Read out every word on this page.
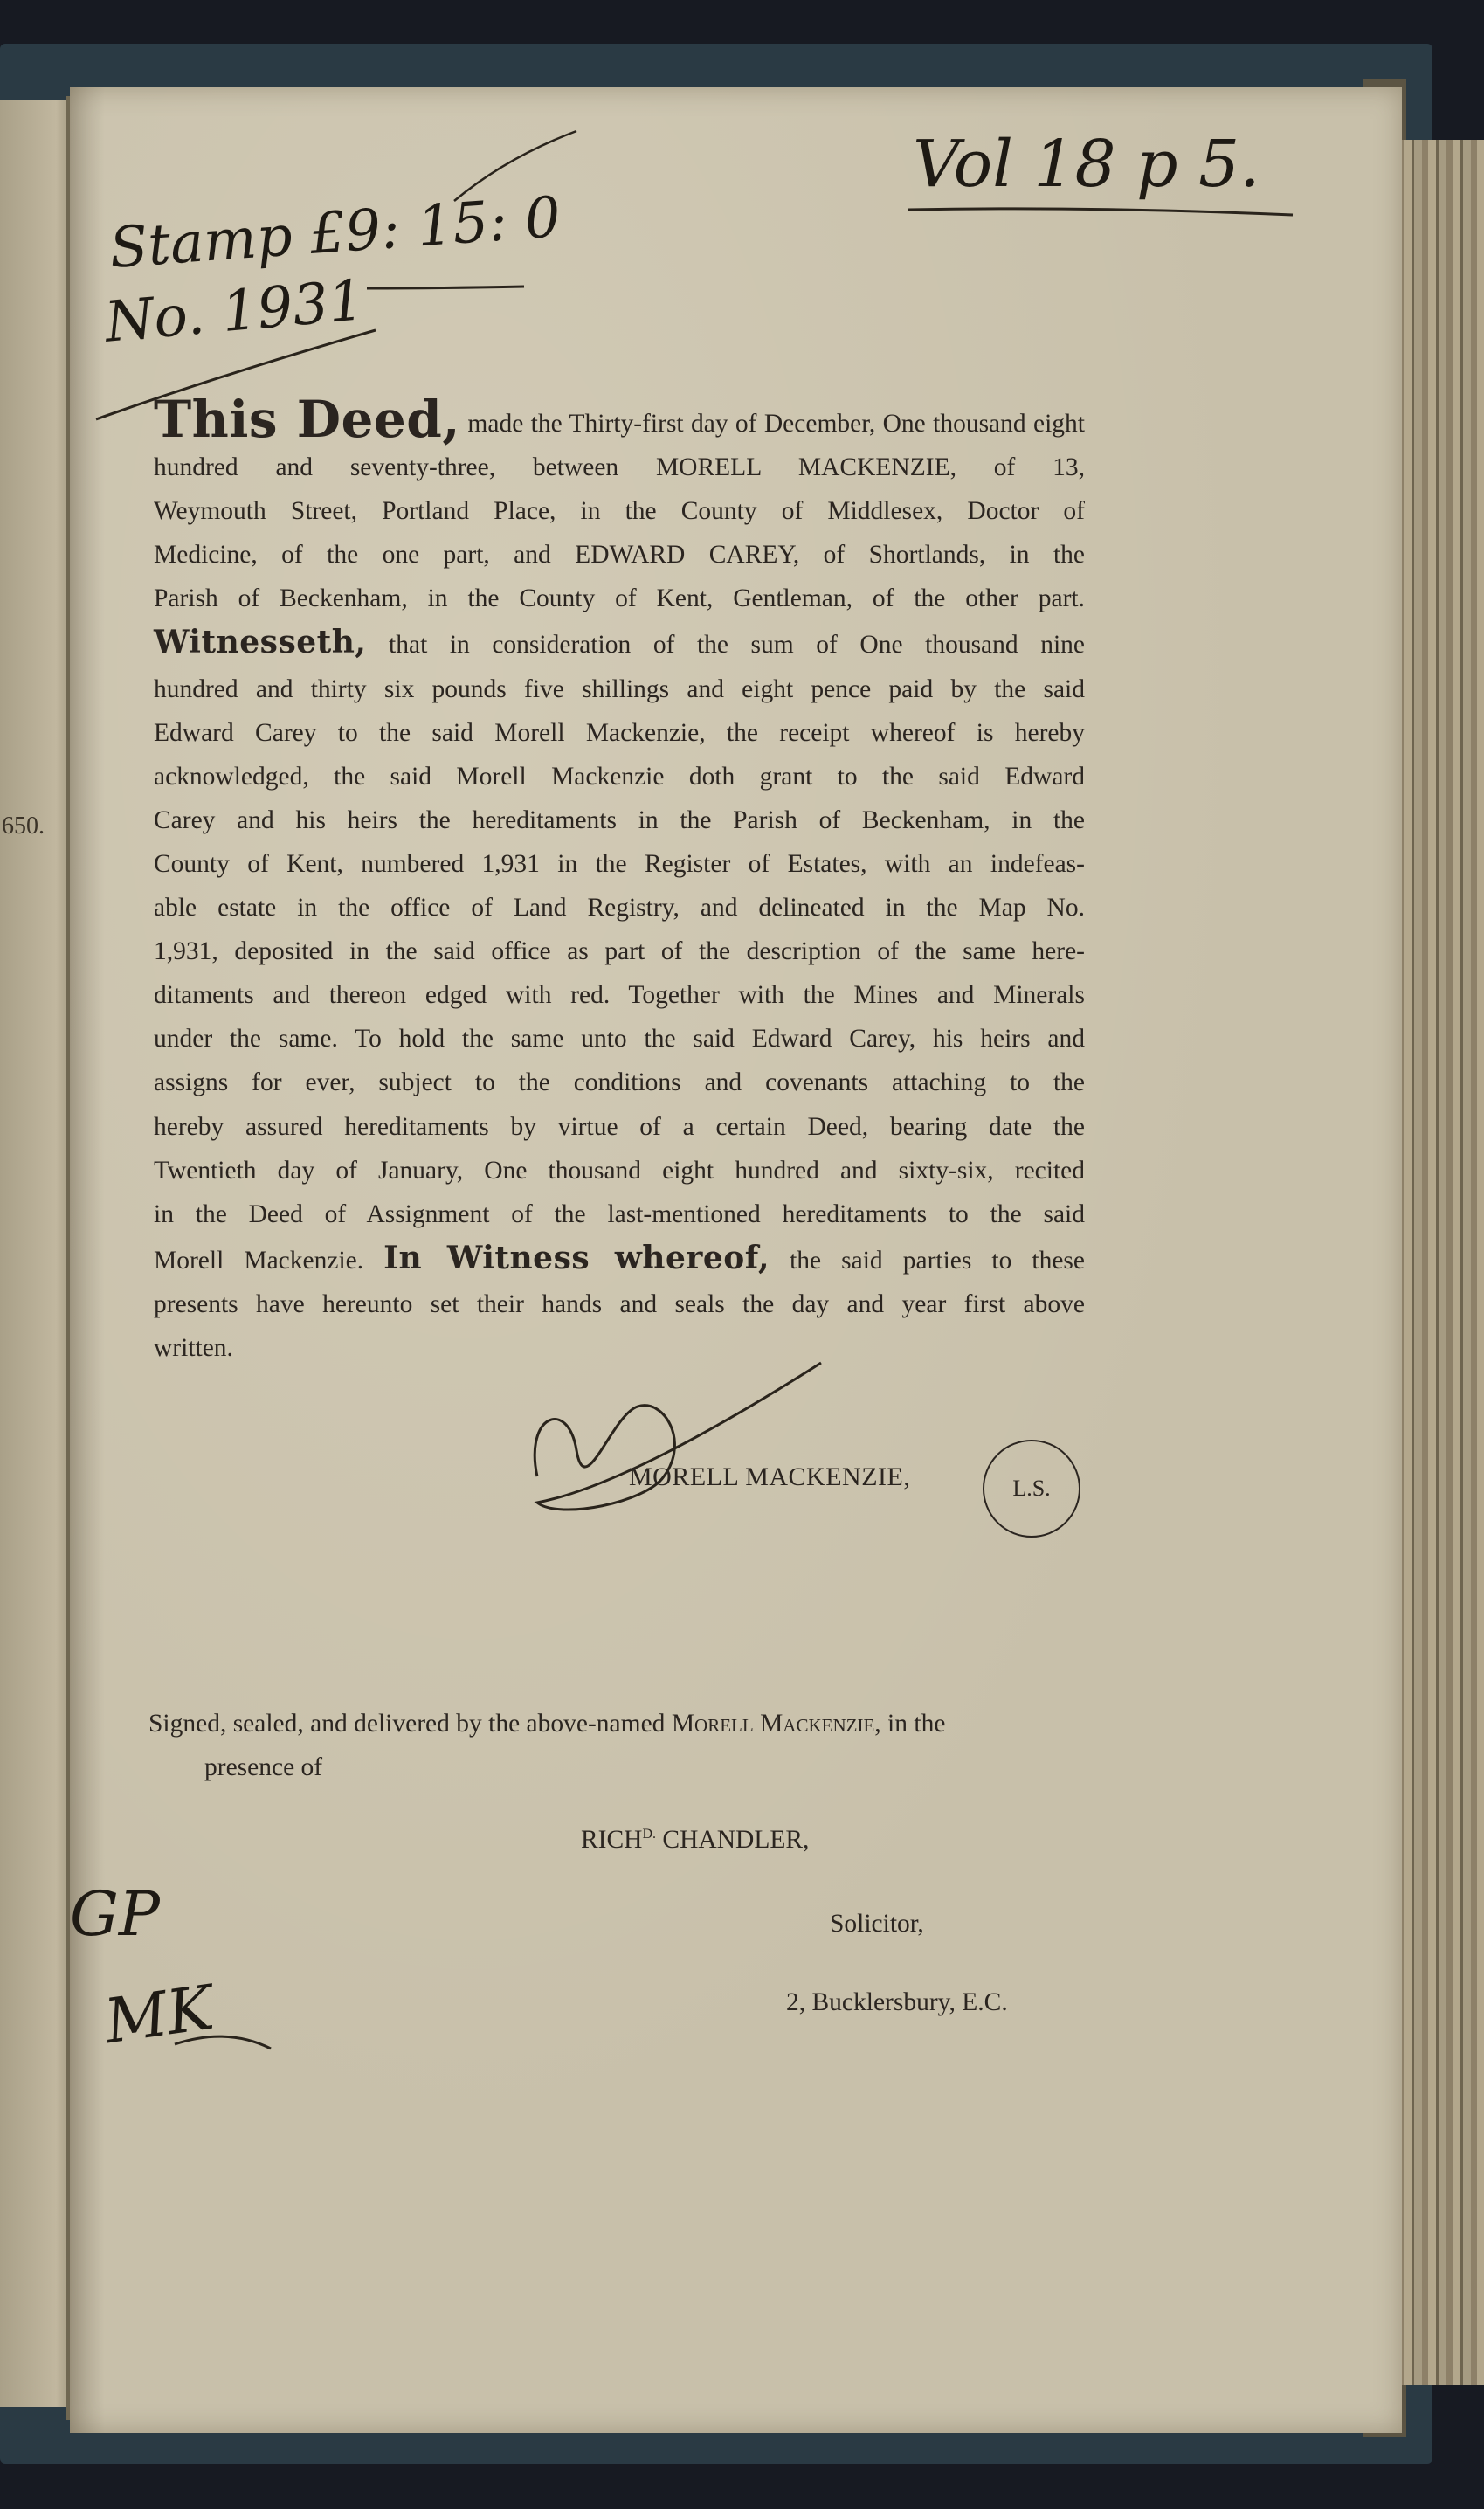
650.
Vol 18 p 5.
Stamp £9: 15: 0
No. 1931
GP
MK
This Deed, made the Thirty-first day of December, One thousand eight
hundred and seventy-three, between MORELL MACKENZIE, of 13,
Weymouth Street, Portland Place, in the County of Middlesex, Doctor of
Medicine, of the one part, and EDWARD CAREY, of Shortlands, in the
Parish of Beckenham, in the County of Kent, Gentleman, of the other part.
Witnesseth, that in consideration of the sum of One thousand nine
hundred and thirty six pounds five shillings and eight pence paid by the said
Edward Carey to the said Morell Mackenzie, the receipt whereof is hereby
acknowledged, the said Morell Mackenzie doth grant to the said Edward
Carey and his heirs the hereditaments in the Parish of Beckenham, in the
County of Kent, numbered 1,931 in the Register of Estates, with an indefeas-
able estate in the office of Land Registry, and delineated in the Map No.
1,931, deposited in the said office as part of the description of the same here-
ditaments and thereon edged with red. Together with the Mines and Minerals
under the same. To hold the same unto the said Edward Carey, his heirs and
assigns for ever, subject to the conditions and covenants attaching to the
hereby assured hereditaments by virtue of a certain Deed, bearing date the
Twentieth day of January, One thousand eight hundred and sixty-six, recited
in the Deed of Assignment of the last-mentioned hereditaments to the said
Morell Mackenzie. In Witness whereof, the said parties to these
presents have hereunto set their hands and seals the day and year first above
written.
MORELL MACKENZIE,	L.S.
Signed, sealed, and delivered by the above-named Morell Mackenzie, in the
presence of
$RICH^{D.}$ CHANDLER,
Solicitor,
2, Bucklersbury, E.C.
